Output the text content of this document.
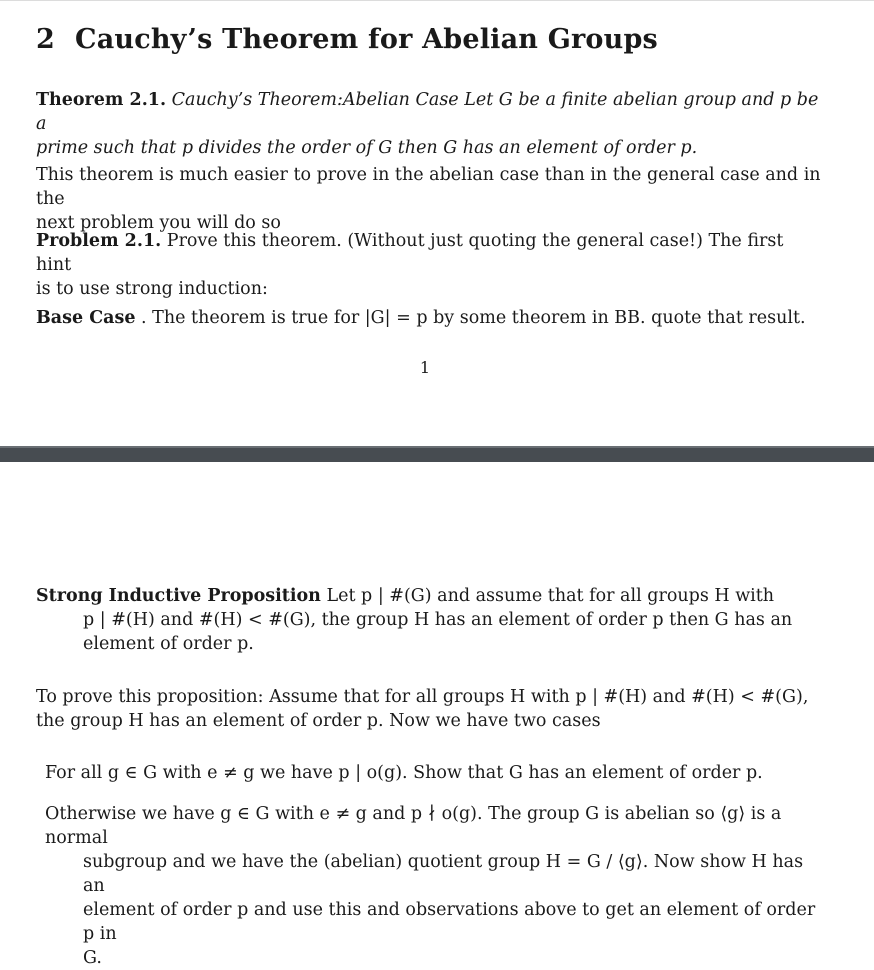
2 Cauchy’s Theorem for Abelian Groups

Theorem 2.1. Cauchy’s Theorem:Abelian Case Let G be a finite abelian group and p be a
prime such that p divides the order of G then G has an element of order p.

This theorem is much easier to prove in the abelian case than in the general case and in the
next problem you will do so

Problem 2.1. Prove this theorem. (Without just quoting the general case!) The first hint
is to use strong induction:

Base Case . The theorem is true for |G| = p by some theorem in BB. quote that result.

1

Strong Inductive Proposition Let p | #(G) and assume that for all groups H with
p | #(H) and #(H) < #(G), the group H has an element of order p then G has an
element of order p.

To prove this proposition: Assume that for all groups H with p | #(H) and #(H) < #(G),
the group H has an element of order p. Now we have two cases

For all g ∈ G with e ≠ g we have p | o(g). Show that G has an element of order p.

Otherwise we have g ∈ G with e ≠ g and p ∤ o(g). The group G is abelian so ⟨g⟩ is a normal
subgroup and we have the (abelian) quotient group H = G / ⟨g⟩. Now show H has an
element of order p and use this and observations above to get an element of order p in
G.
